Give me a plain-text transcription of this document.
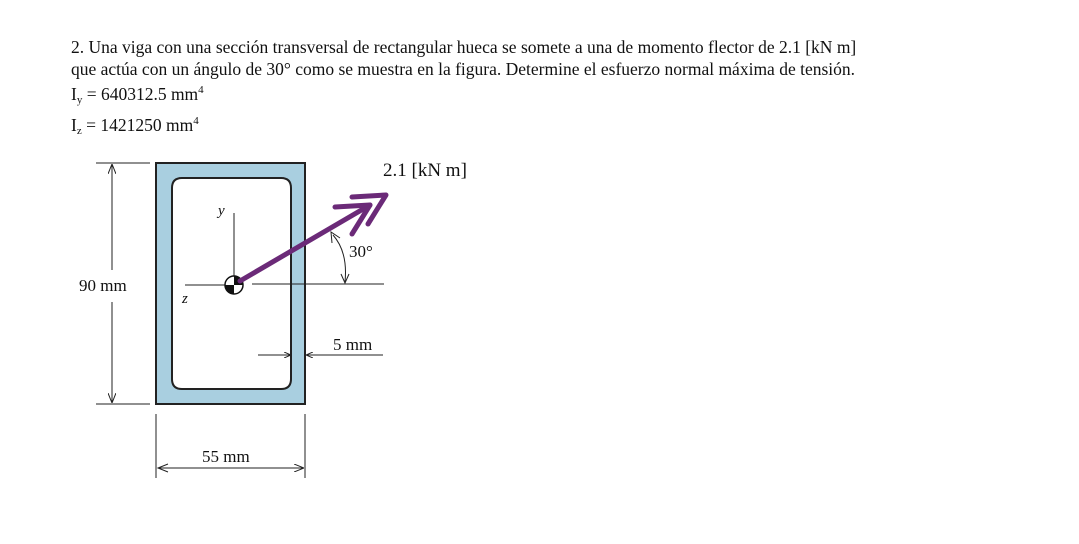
2. Una viga con una sección transversal de rectangular hueca se somete a una de momento flector de 2.1 [kN m]

que actúa con un ángulo de 30° como se muestra en la figura. Determine el esfuerzo normal máxima de tensión.

$I_y = 640312.5$ $mm^4$

$I_z = 1421250$ $mm^4$

90 mm
55 mm
5 mm
y
z
2.1 [kN m]
30°
